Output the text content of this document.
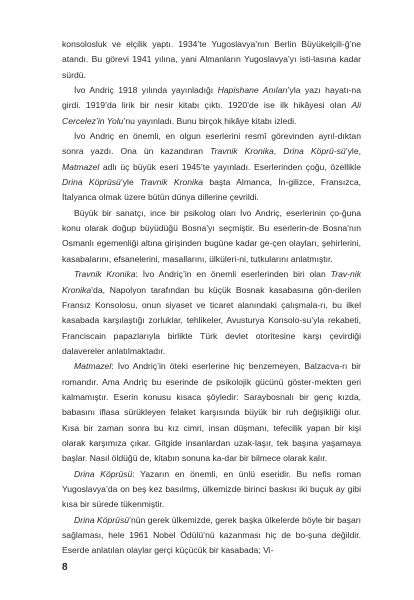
konsolosluk ve elçilik yaptı. 1934’te Yugoslavya’nın Berlin Büyükelçili-ğ’ne atandı. Bu görevi 1941 yılına, yani Almanların Yugoslavya’yı isti-lasına kadar sürdü.

İvo Andriç 1918 yılında yayınladığı Hapishane Anıları’yla yazı hayatı-na girdi. 1919’da lirik bir nesir kitabı çıktı. 1920’de ise ilk hikâyesi olan Ali Cercelez’in Yolu’nu yayınladı. Bunu birçok hikâye kitabı izledi.

İvo Andriç en önemli, en olgun eserlerini resmî görevinden ayrıl-dıktan sonra yazdı. Ona ün kazandıran Travnik Kronika, Drina Köprü-sü’yle, Matmazel adlı üç büyük eseri 1945’te yayınladı. Eserlerinden çoğu, özellikle Drina Köprüsü’yle Travnik Kronika başta Almanca, İn-gilizce, Fransızca, İtalyanca olmak üzere bütün dünya dillerine çevrildi.

Büyük bir sanatçı, ince bir psikolog olan İvo Andriç, eserlerinin ço-ğuna konu olarak doğup büyüdüğü Bosna’yı seçmiştir. Bu eserlerin-de Bosna’nın Osmanlı egemenliği altına girişinden bugüne kadar ge-çen olayları, şehirlerini, kasabalarını, efsanelerini, masallarını, ülküleri-ni, tutkularını anlatmıştır.

Travnik Kronika: İvo Andriç’in en önemli eserlerinden biri olan Trav-nik Kronika’da, Napolyon tarafından bu küçük Bosnak kasabasına gön-derilen Fransız Konsolosu, onun siyaset ve ticaret alanındaki çalışmala-rı, bu ilkel kasabada karşılaştığı zorluklar, tehlikeler, Avusturya Konsolo-su’yla rekabeti, Franciscain papazlarıyla birlikte Türk devlet otoritesine karşı çevirdiği dalavereler anlatılmaktadır.

Matmazel: İvo Andriç’in öteki eserlerine hiç benzemeyen, Balzacva-rı bir romandır. Ama Andriç bu eserinde de psikolojik gücünü göster-mekten geri kalmamıştır. Eserin konusu kısaca şöyledir: Saraybosnalı bir genç kızda, babasını iflasa sürükleyen felaket karşısında büyük bir ruh değişikliği olur. Kısa bir zaman sonra bu kız cimri, insan düşmanı, tefecilik yapan bir kişi olarak karşımıza çıkar. Gitgide insanlardan uzak-laşır, tek başına yaşamaya başlar. Nasıl öldüğü de, kitabın sonuna ka-dar bir bilmece olarak kalır.

Drina Köprüsü: Yazarın en önemli, en ünlü eseridir. Bu nefis roman Yugoslavya’da on beş kez basılmış, ülkemizde birinci baskısı iki buçuk ay gibi kısa bir sürede tükenmiştir.

Drina Köprüsü’nün gerek ülkemizde, gerek başka ülkelerde böyle bir başarı sağlaması, hele 1961 Nobel Ödülü’nü kazanması hiç de bo-şuna değildir. Eserde anlatılan olaylar gerçi küçücük bir kasabada; Vi-

8
